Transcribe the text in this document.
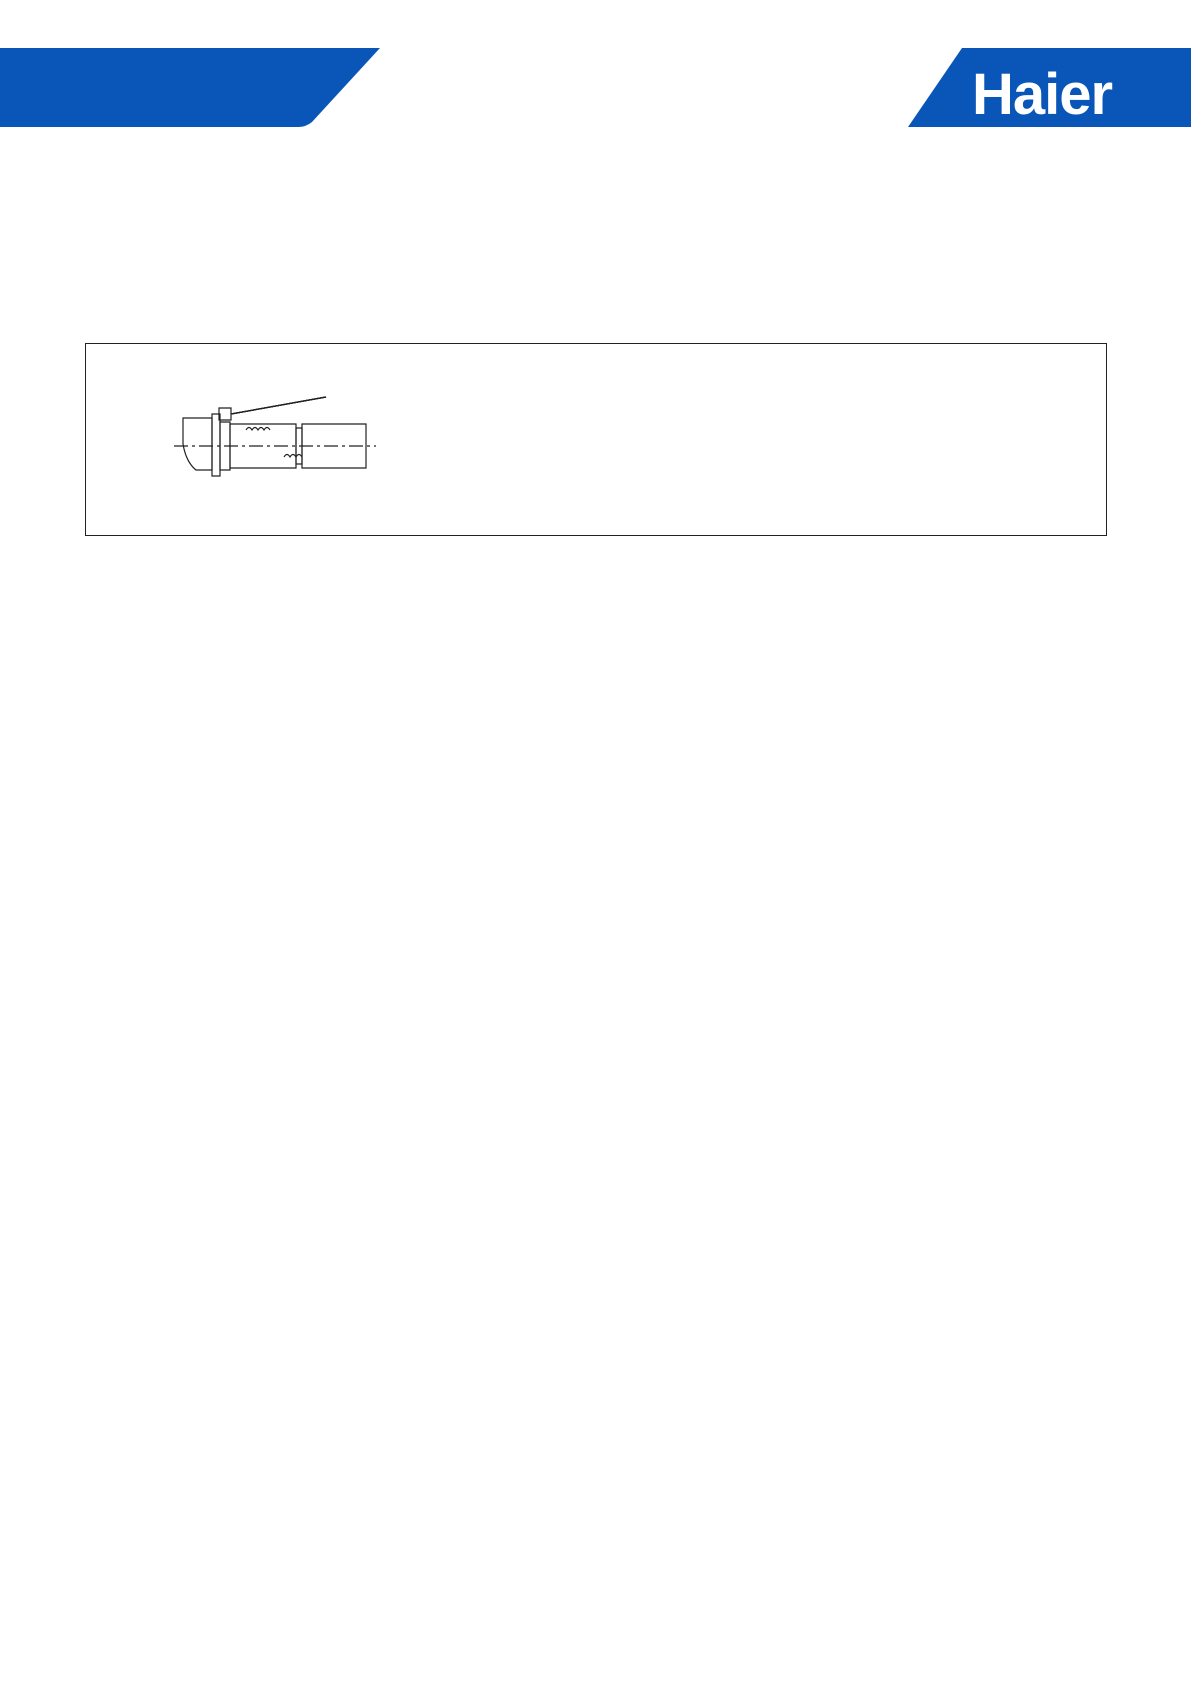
Haier
